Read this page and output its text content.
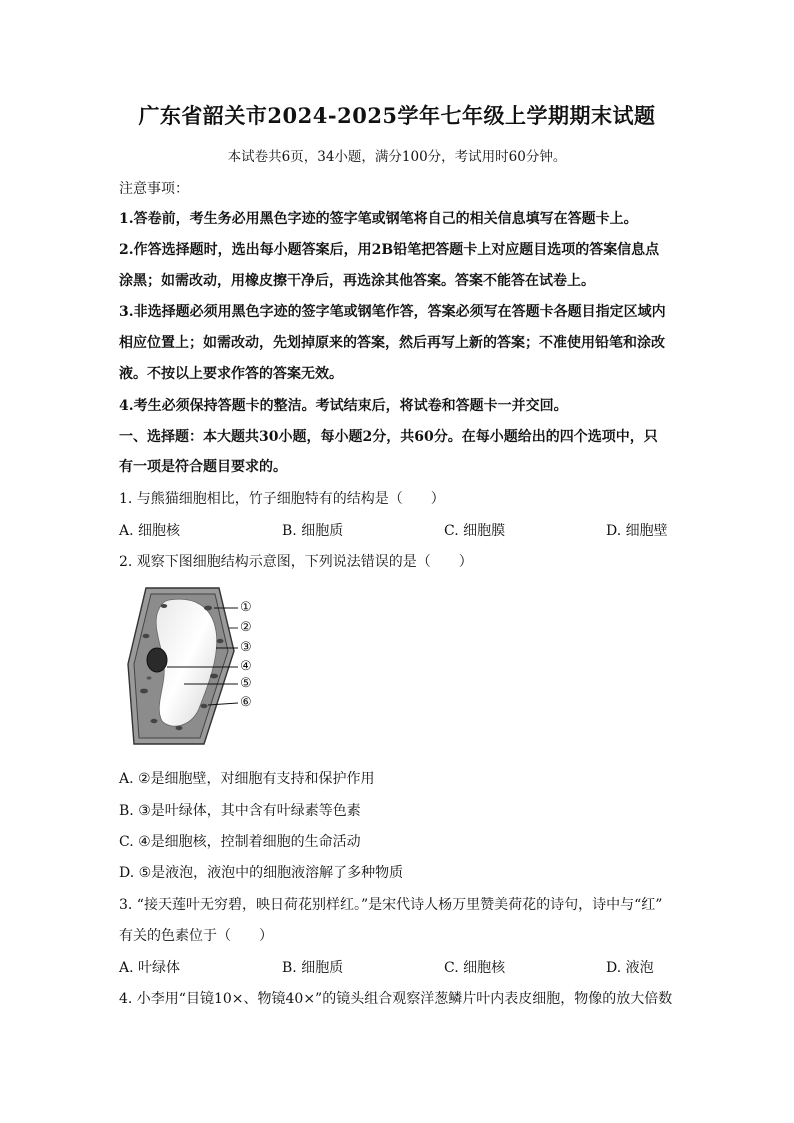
广东省韶关市2024-2025学年七年级上学期期末试题
本试卷共6页，34小题，满分100分，考试用时60分钟。
注意事项：
1.答卷前，考生务必用黑色字迹的签字笔或钢笔将自己的相关信息填写在答题卡上。
2.作答选择题时，选出每小题答案后，用2B铅笔把答题卡上对应题目选项的答案信息点
涂黑；如需改动，用橡皮擦干净后，再选涂其他答案。答案不能答在试卷上。
3.非选择题必须用黑色字迹的签字笔或钢笔作答，答案必须写在答题卡各题目指定区域内
相应位置上；如需改动，先划掉原来的答案，然后再写上新的答案；不准使用铅笔和涂改
液。不按以上要求作答的答案无效。
4.考生必须保持答题卡的整洁。考试结束后，将试卷和答题卡一并交回。
一、选择题：本大题共30小题，每小题2分，共60分。在每小题给出的四个选项中，只
有一项是符合题目要求的。
1. 与熊猫细胞相比，竹子细胞特有的结构是（　　）
A. 细胞核	B. 细胞质	C. 细胞膜	D. 细胞壁
2. 观察下图细胞结构示意图，下列说法错误的是（　　）
①
②
③
④
⑤
⑥
A. ②是细胞壁，对细胞有支持和保护作用
B. ③是叶绿体，其中含有叶绿素等色素
C. ④是细胞核，控制着细胞的生命活动
D. ⑤是液泡，液泡中的细胞液溶解了多种物质
3. “接天莲叶无穷碧，映日荷花别样红。”是宋代诗人杨万里赞美荷花的诗句，诗中与“红”
有关的色素位于（　　）
A. 叶绿体	B. 细胞质	C. 细胞核	D. 液泡
4. 小李用“目镜10×、物镜40×”的镜头组合观察洋葱鳞片叶内表皮细胞，物像的放大倍数
